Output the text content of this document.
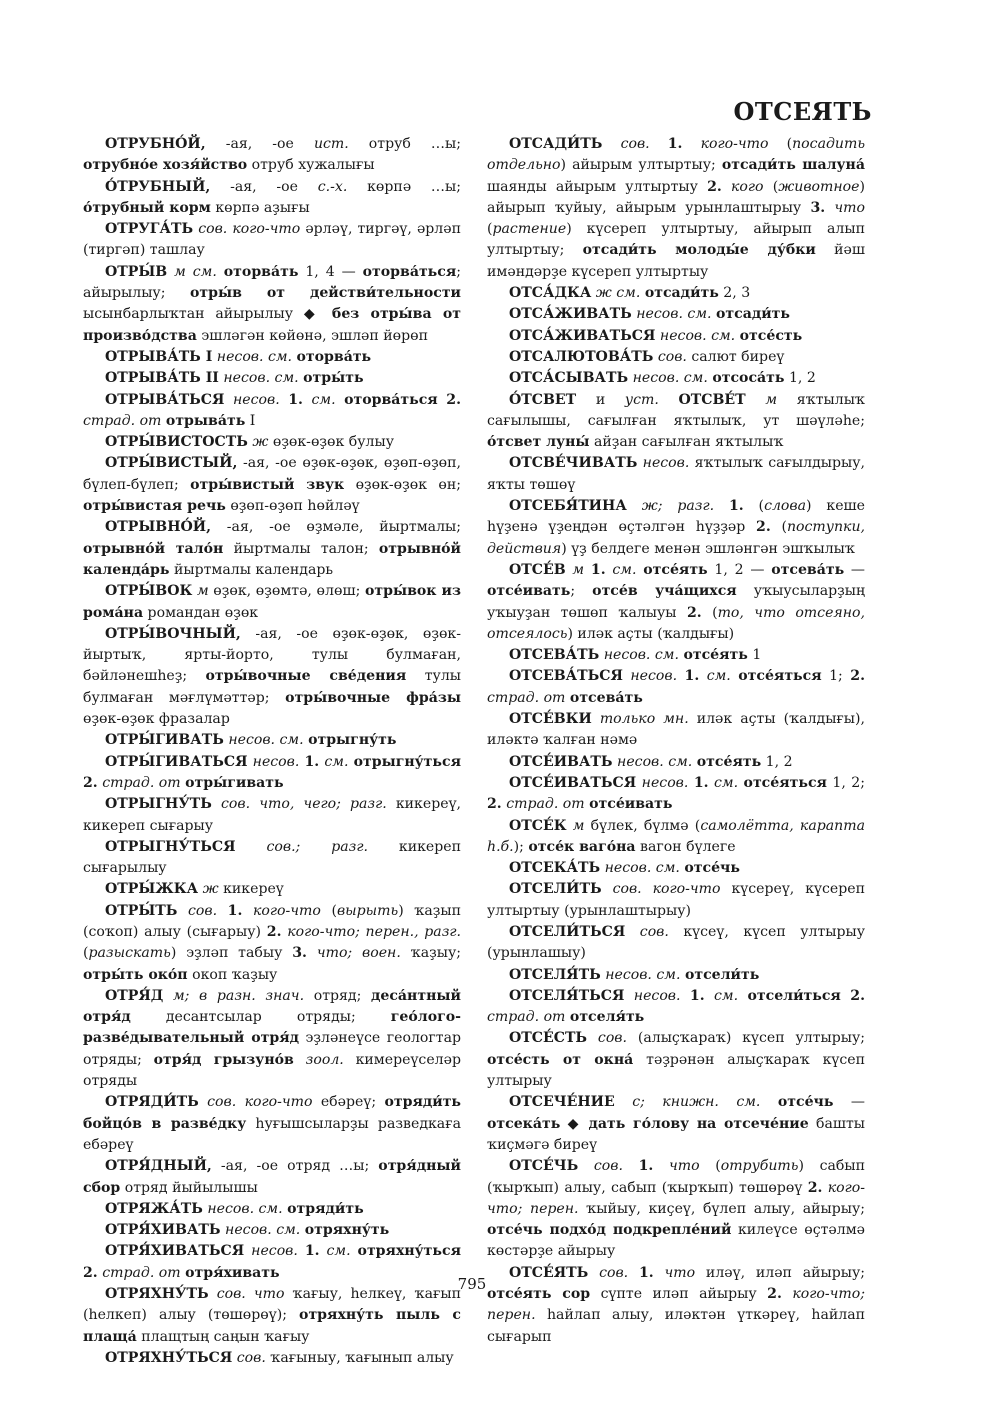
ОТСЕЯТЬ

ОТРУБНО́Й, -ая, -ое ист. отруб …ы; отрубно́е хозя́йство отруб хужалығы

О́ТРУБНЫЙ, -ая, -ое с.-х. көрпә …ы; о́трубный корм көрпә аҙығы

ОТРУГА́ТЬ сов. кого-что әрләү, тиргәү, әрләп (тиргәп) ташлау

ОТРЫ́В м см. оторва́ть 1, 4 — оторва́ться; айырылыу; отры́в от действи́тельности ысынбарлыҡтан айырылыу ◆ без отры́ва от произво́дства эшләгән көйөнә, эшләп йөрөп

ОТРЫВА́ТЬ I несов. см. оторва́ть

ОТРЫВА́ТЬ II несов. см. отры́ть

ОТРЫВА́ТЬСЯ несов. 1. см. оторва́ться 2. страд. от отрыва́ть I

ОТРЫ́ВИСТОСТЬ ж өҙөк-өҙөк булыу

ОТРЫ́ВИСТЫЙ, -ая, -ое өҙөк-өҙөк, өҙөп-өҙөп, бүлеп-бүлеп; отры́вистый звук өҙөк-өҙөк өн; отры́вистая речь өҙөп-өҙөп һөйләү

ОТРЫВНО́Й, -ая, -ое өҙмәле, йыртмалы; отрывно́й тало́н йыртмалы талон; отрывно́й календа́рь йыртмалы календарь

ОТРЫ́ВОК м өҙөк, өҙөмтә, өлөш; отры́вок из рома́на романдан өҙөк

ОТРЫ́ВОЧНЫЙ, -ая, -ое өҙөк-өҙөк, өҙөк-йыртыҡ, ярты-йорто, тулы булмаған, бәйләнешһеҙ; отры́вочные све́дения тулы булмаған мәғлүмәттәр; отры́вочные фра́зы өҙөк-өҙөк фразалар

ОТРЫ́ГИВАТЬ несов. см. отрыгну́ть

ОТРЫ́ГИВАТЬСЯ несов. 1. см. отрыгну́ться 2. страд. от отры́гивать

ОТРЫГНУ́ТЬ сов. что, чего; разг. кикереү, кикереп сығарыу

ОТРЫГНУ́ТЬСЯ сов.; разг. кикереп сығарылыу

ОТРЫ́ЖКА ж кикереү

ОТРЫ́ТЬ сов. 1. кого-что (вырыть) ҡаҙып (соҡоп) алыу (сығарыу) 2. кого-что; перен., разг. (разыскать) эҙләп табыу 3. что; воен. ҡаҙыу; отры́ть око́п окоп ҡаҙыу

ОТРЯ́Д м; в разн. знач. отряд; деса́нтный отря́д десантсылар отряды; гео́лого-разве́дывательный отря́д эҙләнеүсе геологтар отряды; отря́д грызуно́в зоол. кимереүселәр отряды

ОТРЯДИ́ТЬ сов. кого-что ебәреү; отряди́ть бойцо́в в разве́дку һуғышсыларҙы разведкаға ебәреү

ОТРЯ́ДНЫЙ, -ая, -ое отряд …ы; отря́дный сбор отряд йыйылышы

ОТРЯЖА́ТЬ несов. см. отряди́ть

ОТРЯ́ХИВАТЬ несов. см. отряхну́ть

ОТРЯ́ХИВАТЬСЯ несов. 1. см. отряхну́ться 2. страд. от отря́хивать

ОТРЯХНУ́ТЬ сов. что ҡағыу, һелкеү, ҡағып (һелкеп) алыу (төшөрөү); отряхну́ть пыль с плаща́ плащтың саңын ҡағыу

ОТРЯХНУ́ТЬСЯ сов. ҡағыныу, ҡағынып алыу

ОТСАДИ́ТЬ сов. 1. кого-что (посадить отдельно) айырым ултыртыу; отсади́ть шалуна́ шаянды айырым ултыртыу 2. кого (животное) айырып ҡуйыу, айырым урынлаштырыу 3. что (растение) күсереп ултыртыу, айырып алып ултыртыу; отсади́ть молоды́е ду́бки йәш имәндәрҙе күсереп ултыртыу

ОТСА́ДКА ж см. отсади́ть 2, 3

ОТСА́ЖИВАТЬ несов. см. отсади́ть

ОТСА́ЖИВАТЬСЯ несов. см. отсе́сть

ОТСАЛЮТОВА́ТЬ сов. салют биреү

ОТСА́СЫВАТЬ несов. см. отсоса́ть 1, 2

О́ТСВЕТ и уст. ОТСВЕ́Т м яҡтылыҡ сағылышы, сағылған яҡтылыҡ, ут шәүләһе; о́тсвет луны́ айҙан сағылған яҡтылыҡ

ОТСВЕ́ЧИВАТЬ несов. яҡтылыҡ сағылдырыу, яҡты төшөү

ОТСЕБЯ́ТИНА ж; разг. 1. (слова) кеше һүҙенә үҙеңдән өҫтәлгән һүҙҙәр 2. (поступки, действия) үҙ белдеге менән эшләнгән эшҡылыҡ

ОТСЕ́В м 1. см. отсе́ять 1, 2 — отсева́ть — отсе́ивать; отсе́в уча́щихся уҡыусыларҙың уҡыуҙан төшөп ҡалыуы 2. (то, что отсеяно, отсеялось) иләк аҫты (ҡалдығы)

ОТСЕВА́ТЬ несов. см. отсе́ять 1

ОТСЕВА́ТЬСЯ несов. 1. см. отсе́яться 1; 2. страд. от отсева́ть

ОТСЕ́ВКИ только мн. иләк аҫты (ҡалдығы), иләктә ҡалған нәмә

ОТСЕ́ИВАТЬ несов. см. отсе́ять 1, 2

ОТСЕ́ИВАТЬСЯ несов. 1. см. отсе́яться 1, 2; 2. страд. от отсе́ивать

ОТСЕ́К м бүлек, бүлмә (самолётта, карапта һ.б.); отсе́к ваго́на вагон бүлеге

ОТСЕКА́ТЬ несов. см. отсе́чь

ОТСЕЛИ́ТЬ сов. кого-что күсереү, күсереп ултыртыу (урынлаштырыу)

ОТСЕЛИ́ТЬСЯ сов. күсеү, күсеп ултырыу (урынлашыу)

ОТСЕЛЯ́ТЬ несов. см. отсели́ть

ОТСЕЛЯ́ТЬСЯ несов. 1. см. отсели́ться 2. страд. от отселя́ть

ОТСЕ́СТЬ сов. (алыҫҡараҡ) күсеп ултырыу; отсе́сть от окна́ тәҙрәнән алыҫҡараҡ күсеп ултырыу

ОТСЕЧЕ́НИЕ с; книжн. см. отсе́чь — отсека́ть ◆ дать го́лову на отсече́ние башты ҡиҫмәгә биреү

ОТСЕ́ЧЬ сов. 1. что (отрубить) сабып (ҡырҡып) алыу, сабып (ҡырҡып) төшөрөү 2. кого-что; перен. ҡыйыу, киҫеү, бүлеп алыу, айырыу; отсе́чь подхо́д подкрепле́ний килеүсе өҫтәлмә көстәрҙе айырыу

ОТСЕ́ЯТЬ сов. 1. что иләү, иләп айырыу; отсе́ять сор сүпте иләп айырыу 2. кого-что; перен. һайлап алыу, иләктән үткәреү, һайлап сығарып

795
